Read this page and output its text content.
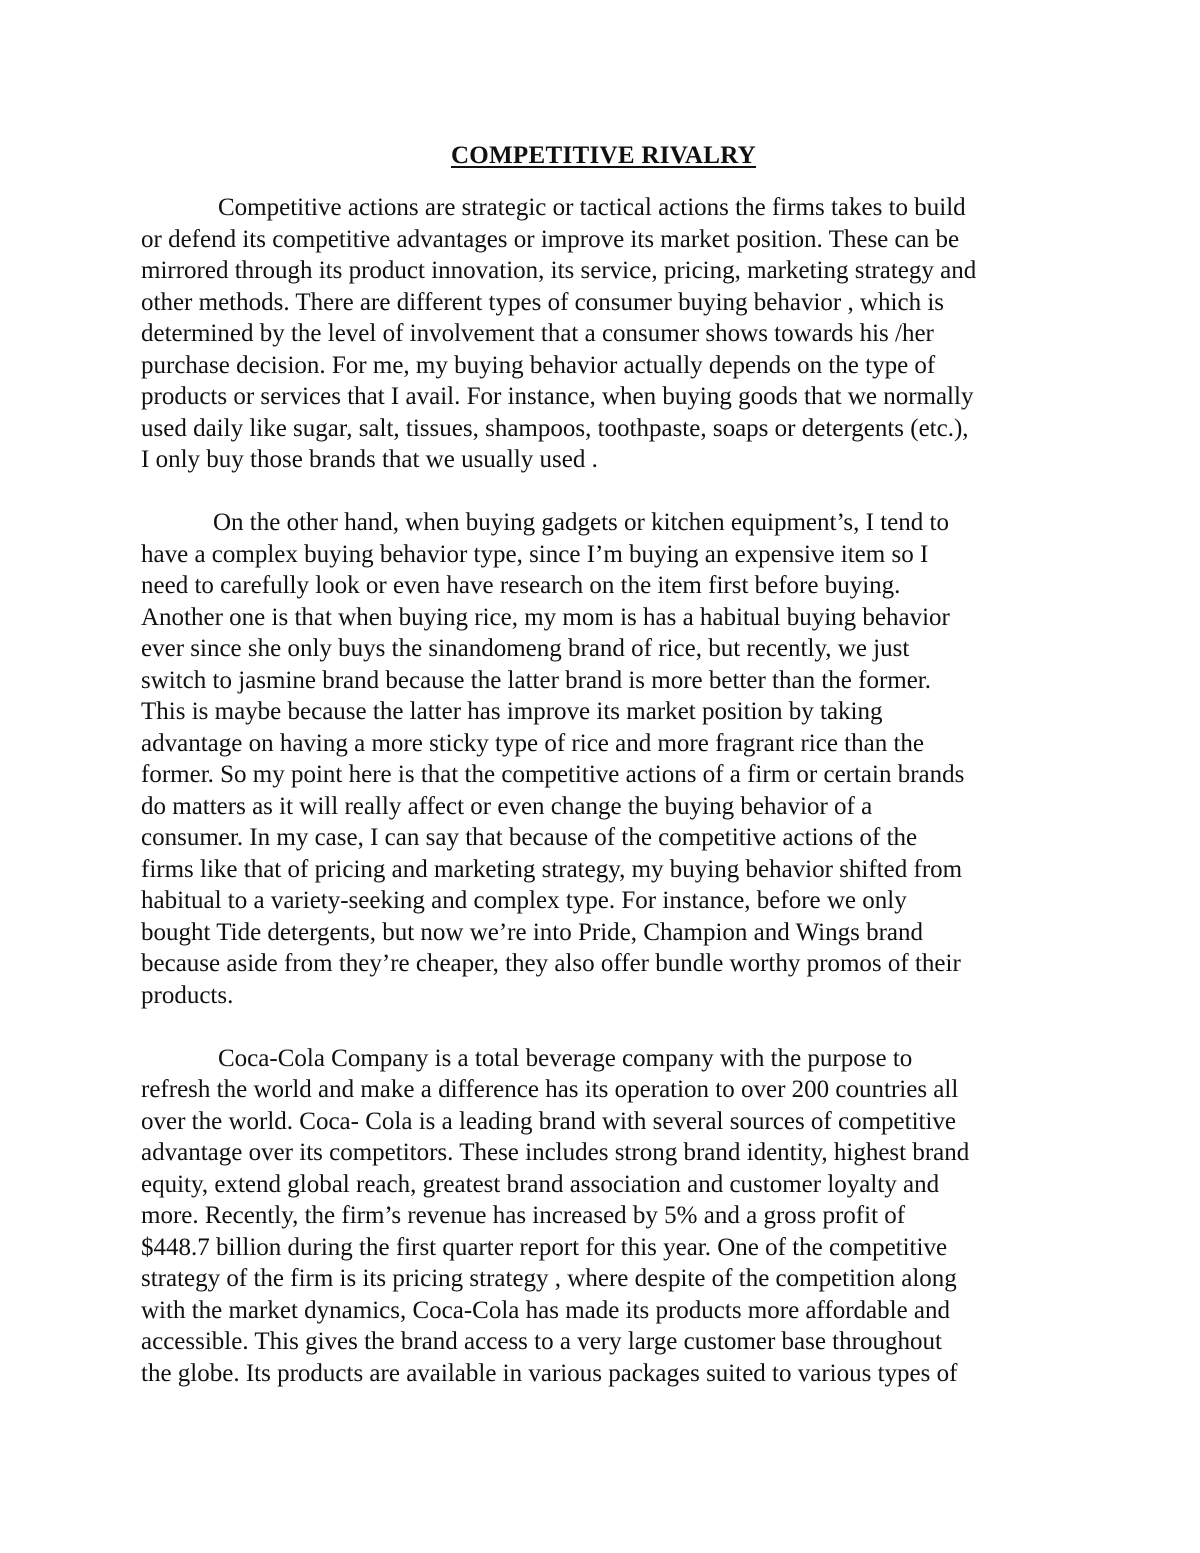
COMPETITIVE RIVALRY
Competitive actions are strategic or tactical actions the firms takes to build
or defend its competitive advantages or improve its market position. These can be
mirrored through its product innovation, its service, pricing, marketing strategy and
other methods. There are different types of consumer buying behavior , which is
determined by the level of involvement that a consumer shows towards his /her
purchase decision. For me, my buying behavior actually depends on the type of
products or services that I avail. For instance, when buying goods that we normally
used daily like sugar, salt, tissues, shampoos, toothpaste, soaps or detergents (etc.),
I only buy those brands that we usually used .
On the other hand, when buying gadgets or kitchen equipment’s, I tend to
have a complex buying behavior type, since I’m buying an expensive item so I
need to carefully look or even have research on the item first before buying.
Another one is that when buying rice, my mom is has a habitual buying behavior
ever since she only buys the sinandomeng brand of rice, but recently, we just
switch to jasmine brand because the latter brand is more better than the former.
This is maybe because the latter has improve its market position by taking
advantage on having a more sticky type of rice and more fragrant rice than the
former. So my point here is that the competitive actions of a firm or certain brands
do matters as it will really affect or even change the buying behavior of a
consumer. In my case, I can say that because of the competitive actions of the
firms like that of pricing and marketing strategy, my buying behavior shifted from
habitual to a variety-seeking and complex type. For instance, before we only
bought Tide detergents, but now we’re into Pride, Champion and Wings brand
because aside from they’re cheaper, they also offer bundle worthy promos of their
products.
Coca-Cola Company is a total beverage company with the purpose to
refresh the world and make a difference has its operation to over 200 countries all
over the world. Coca- Cola is a leading brand with several sources of competitive
advantage over its competitors. These includes strong brand identity, highest brand
equity, extend global reach, greatest brand association and customer loyalty and
more. Recently, the firm’s revenue has increased by 5% and a gross profit of
$448.7 billion during the first quarter report for this year. One of the competitive
strategy of the firm is its pricing strategy , where despite of the competition along
with the market dynamics, Coca-Cola has made its products more affordable and
accessible. This gives the brand access to a very large customer base throughout
the globe. Its products are available in various packages suited to various types of
